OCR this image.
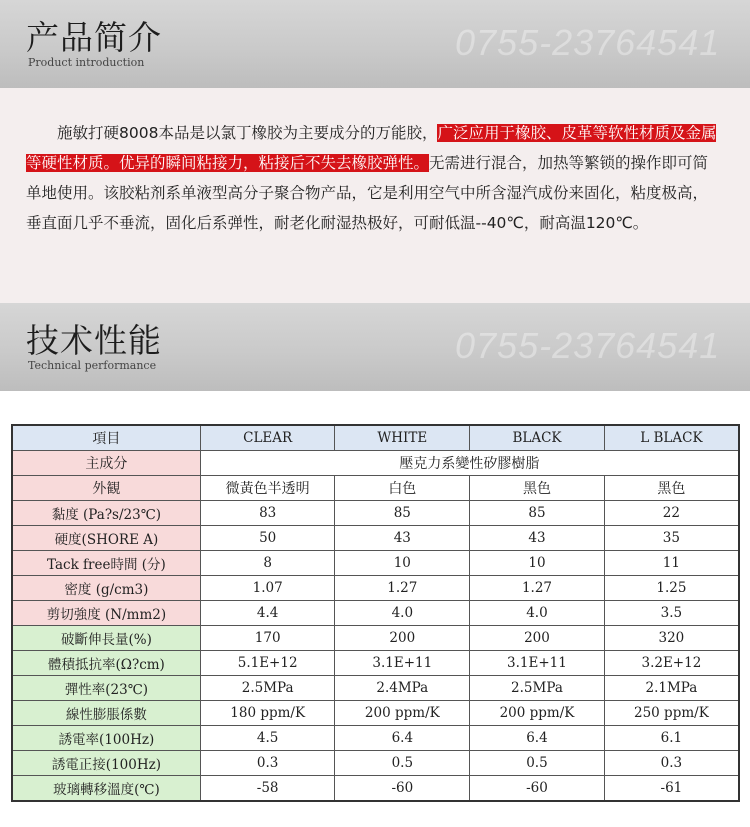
产品简介
Product introduction	0755-23764541
施敏打硬8008本品是以氯丁橡胶为主要成分的万能胶，广泛应用于橡胶、皮革等软性材质及金属等硬性材质。优异的瞬间粘接力，粘接后不失去橡胶弹性。无需进行混合，加热等繁锁的操作即可简单地使用。该胶粘剂系单液型高分子聚合物产品，它是利用空气中所含湿汽成份来固化，粘度极高，垂直面几乎不垂流，固化后系弹性，耐老化耐湿热极好，可耐低温--40℃，耐高温120℃。
技术性能
Technical performance	0755-23764541
項目	CLEAR	WHITE	BLACK	L BLACK
主成分	壓克力系變性矽膠樹脂			
外観	微黃色半透明	白色	黑色	黑色
黏度 (Pa?s/23℃)	83	85	85	22
硬度(SHORE A)	50	43	43	35
Tack free時間 (分)	8	10	10	11
密度 (g/cm3)	1.07	1.27	1.27	1.25
剪切強度 (N/mm2)	4.4	4.0	4.0	3.5
破斷伸長量(%)	170	200	200	320
體積抵抗率(Ω?cm)	5.1E+12	3.1E+11	3.1E+11	3.2E+12
彈性率(23℃)	2.5MPa	2.4MPa	2.5MPa	2.1MPa
線性膨脹係數	180 ppm/K	200 ppm/K	200 ppm/K	250 ppm/K
誘電率(100Hz)	4.5	6.4	6.4	6.1
誘電正接(100Hz)	0.3	0.5	0.5	0.3
玻璃轉移溫度(℃)	-58	-60	-60	-61
